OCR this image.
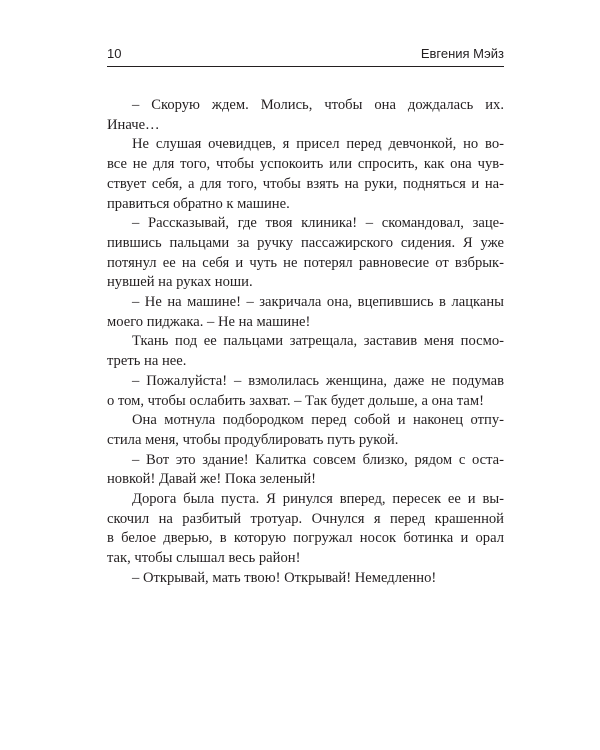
10	Евгения Мэйз
– Скорую ждем. Молись, чтобы она дождалась их.
Иначе…
Не слушая очевидцев, я присел перед девчонкой, но во-
все не для того, чтобы успокоить или спросить, как она чув-
ствует себя, а для того, чтобы взять на руки, подняться и на-
правиться обратно к машине.
– Рассказывай, где твоя клиника! – скомандовал, заце-
пившись пальцами за ручку пассажирского сидения. Я уже
потянул ее на себя и чуть не потерял равновесие от взбрык-
нувшей на руках ноши.
– Не на машине! – закричала она, вцепившись в лацканы
моего пиджака. – Не на машине!
Ткань под ее пальцами затрещала, заставив меня посмо-
треть на нее.
– Пожалуйста! – взмолилась женщина, даже не подумав
о том, чтобы ослабить захват. – Так будет дольше, а она там!
Она мотнула подбородком перед собой и наконец отпу-
стила меня, чтобы продублировать путь рукой.
– Вот это здание! Калитка совсем близко, рядом с оста-
новкой! Давай же! Пока зеленый!
Дорога была пуста. Я ринулся вперед, пересек ее и вы-
скочил на разбитый тротуар. Очнулся я перед крашенной
в белое дверью, в которую погружал носок ботинка и орал
так, чтобы слышал весь район!
– Открывай, мать твою! Открывай! Немедленно!
